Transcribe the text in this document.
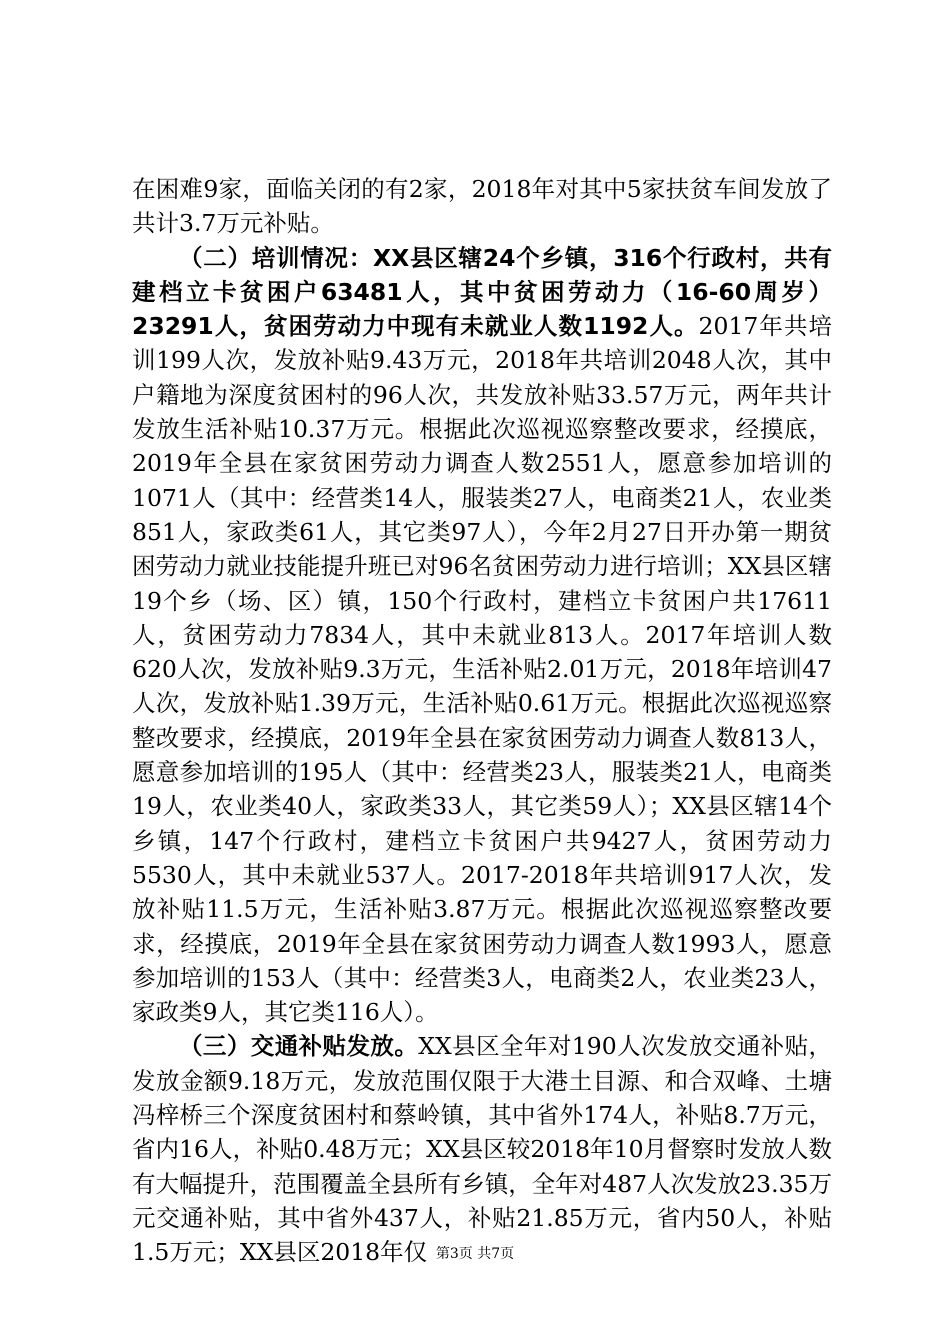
在困难9家，面临关闭的有2家，2018年对其中5家扶贫车间发放了共计3.7万元补贴。

（二）培训情况：XX县区辖24个乡镇，316个行政村，共有建档立卡贫困户63481人，其中贫困劳动力（16-60周岁）23291人，贫困劳动力中现有未就业人数1192人。2017年共培训199人次，发放补贴9.43万元，2018年共培训2048人次，其中户籍地为深度贫困村的96人次，共发放补贴33.57万元，两年共计发放生活补贴10.37万元。根据此次巡视巡察整改要求，经摸底，2019年全县在家贫困劳动力调查人数2551人，愿意参加培训的1071人（其中：经营类14人，服装类27人，电商类21人，农业类851人，家政类61人，其它类97人），今年2月27日开办第一期贫困劳动力就业技能提升班已对96名贫困劳动力进行培训；XX县区辖19个乡（场、区）镇，150个行政村，建档立卡贫困户共17611人，贫困劳动力7834人，其中未就业813人。2017年培训人数620人次，发放补贴9.3万元，生活补贴2.01万元，2018年培训47人次，发放补贴1.39万元，生活补贴0.61万元。根据此次巡视巡察整改要求，经摸底，2019年全县在家贫困劳动力调查人数813人，愿意参加培训的195人（其中：经营类23人，服装类21人，电商类19人，农业类40人，家政类33人，其它类59人）；XX县区辖14个乡镇，147个行政村，建档立卡贫困户共9427人，贫困劳动力5530人，其中未就业537人。2017-2018年共培训917人次，发放补贴11.5万元，生活补贴3.87万元。根据此次巡视巡察整改要求，经摸底，2019年全县在家贫困劳动力调查人数1993人，愿意参加培训的153人（其中：经营类3人，电商类2人，农业类23人，家政类9人，其它类116人）。

（三）交通补贴发放。XX县区全年对190人次发放交通补贴，发放金额9.18万元，发放范围仅限于大港土目源、和合双峰、土塘冯梓桥三个深度贫困村和蔡岭镇，其中省外174人，补贴8.7万元，省内16人，补贴0.48万元；XX县区较2018年10月督察时发放人数有大幅提升，范围覆盖全县所有乡镇，全年对487人次发放23.35万元交通补贴，其中省外437人，补贴21.85万元，省内50人，补贴1.5万元；XX县区2018年仅 第3页 共7页
